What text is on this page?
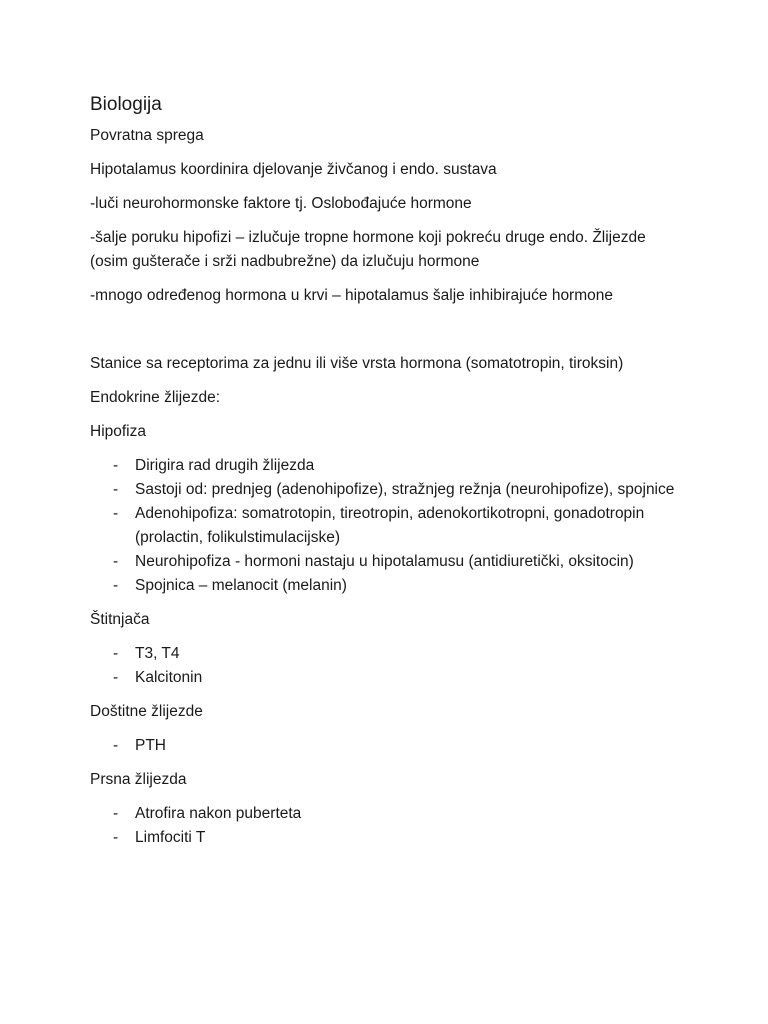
Biologija
Povratna sprega
Hipotalamus koordinira djelovanje živčanog i endo. sustava
-luči neurohormonske faktore tj. Oslobođajuće hormone
-šalje poruku hipofizi – izlučuje tropne hormone koji pokreću druge endo. Žlijezde (osim gušterače i srži nadbubrežne) da izlučuju hormone
-mnogo određenog hormona u krvi – hipotalamus šalje inhibirajuće hormone
Stanice sa receptorima za jednu ili više vrsta hormona (somatotropin, tiroksin)
Endokrine žlijezde:
Hipofiza
- Dirigira rad drugih žlijezda
- Sastoji od: prednjeg (adenohipofize), stražnjeg režnja (neurohipofize), spojnice
- Adenohipofiza: somatrotopin, tireotropin, adenokortikotropni, gonadotropin (prolactin, folikulstimulacijske)
- Neurohipofiza - hormoni nastaju u hipotalamusu (antidiuretički, oksitocin)
- Spojnica – melanocit (melanin)
Štitnjača
- T3, T4
- Kalcitonin
Doštitne žlijezde
- PTH
Prsna žlijezda
- Atrofira nakon puberteta
- Limfociti T
